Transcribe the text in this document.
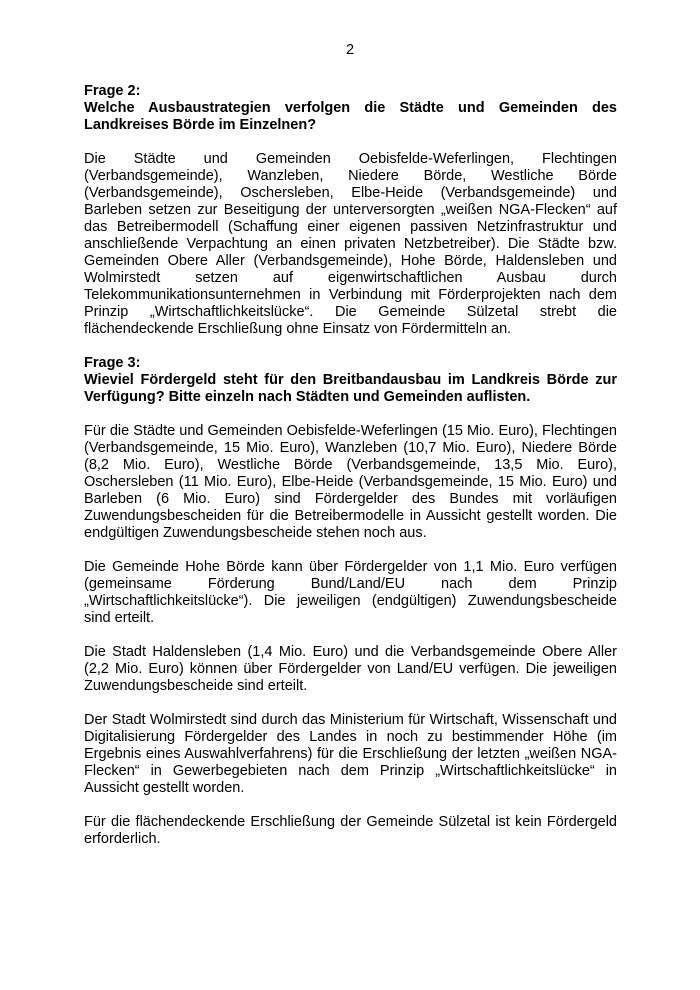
2

Frage 2:

Welche Ausbaustrategien verfolgen die Städte und Gemeinden des Landkreises Börde im Einzelnen?

Die Städte und Gemeinden Oebisfelde-Weferlingen, Flechtingen (Verbandsgemeinde), Wanzleben, Niedere Börde, Westliche Börde (Verbandsgemeinde), Oschersleben, Elbe-Heide (Verbandsgemeinde) und Barleben setzen zur Beseitigung der unterversorgten „weißen NGA-Flecken“ auf das Betreibermodell (Schaffung einer eigenen passiven Netzinfrastruktur und anschließende Verpachtung an einen privaten Netzbetreiber). Die Städte bzw. Gemeinden Obere Aller (Verbandsgemeinde), Hohe Börde, Haldensleben und Wolmirstedt setzen auf eigenwirtschaftlichen Ausbau durch Telekommunikationsunternehmen in Verbindung mit Förderprojekten nach dem Prinzip „Wirtschaftlichkeitslücke“. Die Gemeinde Sülzetal strebt die flächendeckende Erschließung ohne Einsatz von Fördermitteln an.

Frage 3:

Wieviel Fördergeld steht für den Breitbandausbau im Landkreis Börde zur Verfügung? Bitte einzeln nach Städten und Gemeinden auflisten.

Für die Städte und Gemeinden Oebisfelde-Weferlingen (15 Mio. Euro), Flechtingen (Verbandsgemeinde, 15 Mio. Euro), Wanzleben (10,7 Mio. Euro), Niedere Börde (8,2 Mio. Euro), Westliche Börde (Verbandsgemeinde, 13,5 Mio. Euro), Oschersleben (11 Mio. Euro), Elbe-Heide (Verbandsgemeinde, 15 Mio. Euro) und Barleben (6 Mio. Euro) sind Fördergelder des Bundes mit vorläufigen Zuwendungsbescheiden für die Betreibermodelle in Aussicht gestellt worden. Die endgültigen Zuwendungsbescheide stehen noch aus.

Die Gemeinde Hohe Börde kann über Fördergelder von 1,1 Mio. Euro verfügen (gemeinsame Förderung Bund/Land/EU nach dem Prinzip „Wirtschaftlichkeitslücke“). Die jeweiligen (endgültigen) Zuwendungsbescheide sind erteilt.

Die Stadt Haldensleben (1,4 Mio. Euro) und die Verbandsgemeinde Obere Aller (2,2 Mio. Euro) können über Fördergelder von Land/EU verfügen. Die jeweiligen Zuwendungsbescheide sind erteilt.

Der Stadt Wolmirstedt sind durch das Ministerium für Wirtschaft, Wissenschaft und Digitalisierung Fördergelder des Landes in noch zu bestimmender Höhe (im Ergebnis eines Auswahlverfahrens) für die Erschließung der letzten „weißen NGA-Flecken“ in Gewerbegebieten nach dem Prinzip „Wirtschaftlichkeitslücke“ in Aussicht gestellt worden.

Für die flächendeckende Erschließung der Gemeinde Sülzetal ist kein Fördergeld erforderlich.
